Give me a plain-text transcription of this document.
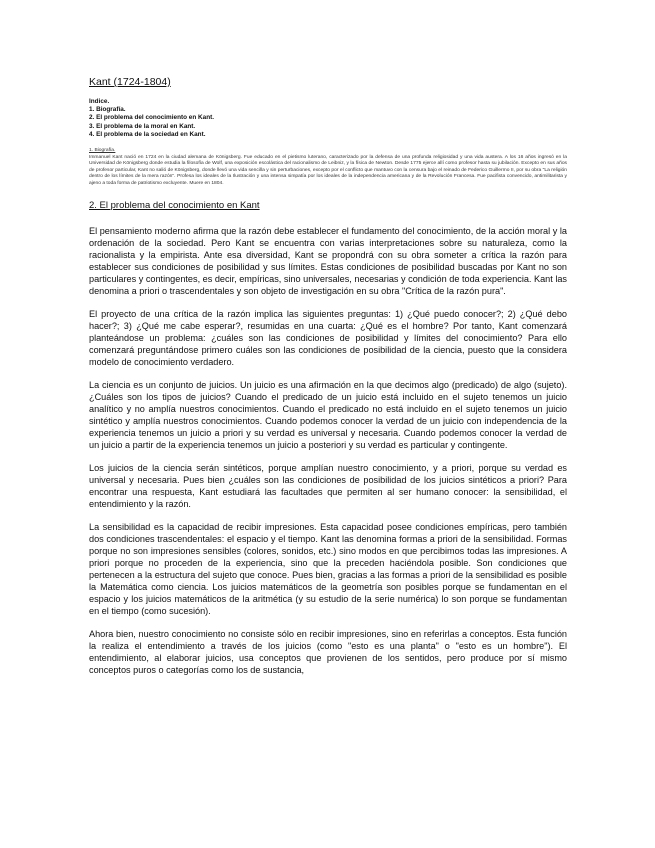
Kant (1724-1804)
Indice.
1. Biografía.
2. El problema del conocimiento en Kant.
3. El problema de la moral en Kant.
4. El problema de la sociedad en Kant.
1. Biografía.
Immanuel Kant nació en 1724 en la ciudad alemana de Königsberg. Fue educado en el pietismo luterano, caracterizado por la defensa de una profunda religiosidad y una vida austera. A los 16 años ingresó en la Universidad de Königsberg donde estudia la filosofía de Wolf, una exposición escolástica del racionalismo de Leibniz, y la física de Newton. Desde 1775 ejerce allí como profesor hasta su jubilación. Excepto en sus años de profesor particular, Kant no salió de Königsberg, donde llevó una vida sencilla y sin perturbaciones, excepto por el conflicto que mantuvo con la censura bajo el reinado de Federico Guillermo II, por su obra "La religión dentro de los límites de la mera razón". Profesa los ideales de la Ilustración y una intensa simpatía por los ideales de la independencia americana y de la Revolución Francesa. Fue pacifista convencido, antimilitarista y ajeno a toda forma de patriotismo excluyente. Muere en 1804.
2. El problema del conocimiento en Kant

El pensamiento moderno afirma que la razón debe establecer el fundamento del conocimiento, de la acción moral y la ordenación de la sociedad. Pero Kant se encuentra con varias interpretaciones sobre su naturaleza, como la racionalista y la empirista. Ante esa diversidad, Kant se propondrá con su obra someter a crítica la razón para establecer sus condiciones de posibilidad y sus límites. Estas condiciones de posibilidad buscadas por Kant no son particulares y contingentes, es decir, empíricas, sino universales, necesarias y condición de toda experiencia. Kant las denomina a priori o trascendentales y son objeto de investigación en su obra "Crítica de la razón pura".

El proyecto de una crítica de la razón implica las siguientes preguntas: 1) ¿Qué puedo conocer?; 2) ¿Qué debo hacer?; 3) ¿Qué me cabe esperar?, resumidas en una cuarta: ¿Qué es el hombre? Por tanto, Kant comenzará planteándose un problema: ¿cuáles son las condiciones de posibilidad y límites del conocimiento? Para ello comenzará preguntándose primero cuáles son las condiciones de posibilidad de la ciencia, puesto que la considera modelo de conocimiento verdadero.

La ciencia es un conjunto de juicios. Un juicio es una afirmación en la que decimos algo (predicado) de algo (sujeto). ¿Cuáles son los tipos de juicios? Cuando el predicado de un juicio está incluido en el sujeto tenemos un juicio analítico y no amplía nuestros conocimientos. Cuando el predicado no está incluido en el sujeto tenemos un juicio sintético y amplía nuestros conocimientos. Cuando podemos conocer la verdad de un juicio con independencia de la experiencia tenemos un juicio a priori y su verdad es universal y necesaria. Cuando podemos conocer la verdad de un juicio a partir de la experiencia tenemos un juicio a posteriori y su verdad es particular y contingente.

Los juicios de la ciencia serán sintéticos, porque amplían nuestro conocimiento, y a priori, porque su verdad es universal y necesaria. Pues bien ¿cuáles son las condiciones de posibilidad de los juicios sintéticos a priori? Para encontrar una respuesta, Kant estudiará las facultades que permiten al ser humano conocer: la sensibilidad, el entendimiento y la razón.

La sensibilidad es la capacidad de recibir impresiones. Esta capacidad posee condiciones empíricas, pero también dos condiciones trascendentales: el espacio y el tiempo. Kant las denomina formas a priori de la sensibilidad. Formas porque no son impresiones sensibles (colores, sonidos, etc.) sino modos en que percibimos todas las impresiones. A priori porque no proceden de la experiencia, sino que la preceden haciéndola posible. Son condiciones que pertenecen a la estructura del sujeto que conoce. Pues bien, gracias a las formas a priori de la sensibilidad es posible la Matemática como ciencia. Los juicios matemáticos de la geometría son posibles porque se fundamentan en el espacio y los juicios matemáticos de la aritmética (y su estudio de la serie numérica) lo son porque se fundamentan en el tiempo (como sucesión).

Ahora bien, nuestro conocimiento no consiste sólo en recibir impresiones, sino en referirlas a conceptos. Esta función la realiza el entendimiento a través de los juicios (como "esto es una planta" o "esto es un hombre"). El entendimiento, al elaborar juicios, usa conceptos que provienen de los sentidos, pero produce por sí mismo conceptos puros o categorías como los de sustancia,
